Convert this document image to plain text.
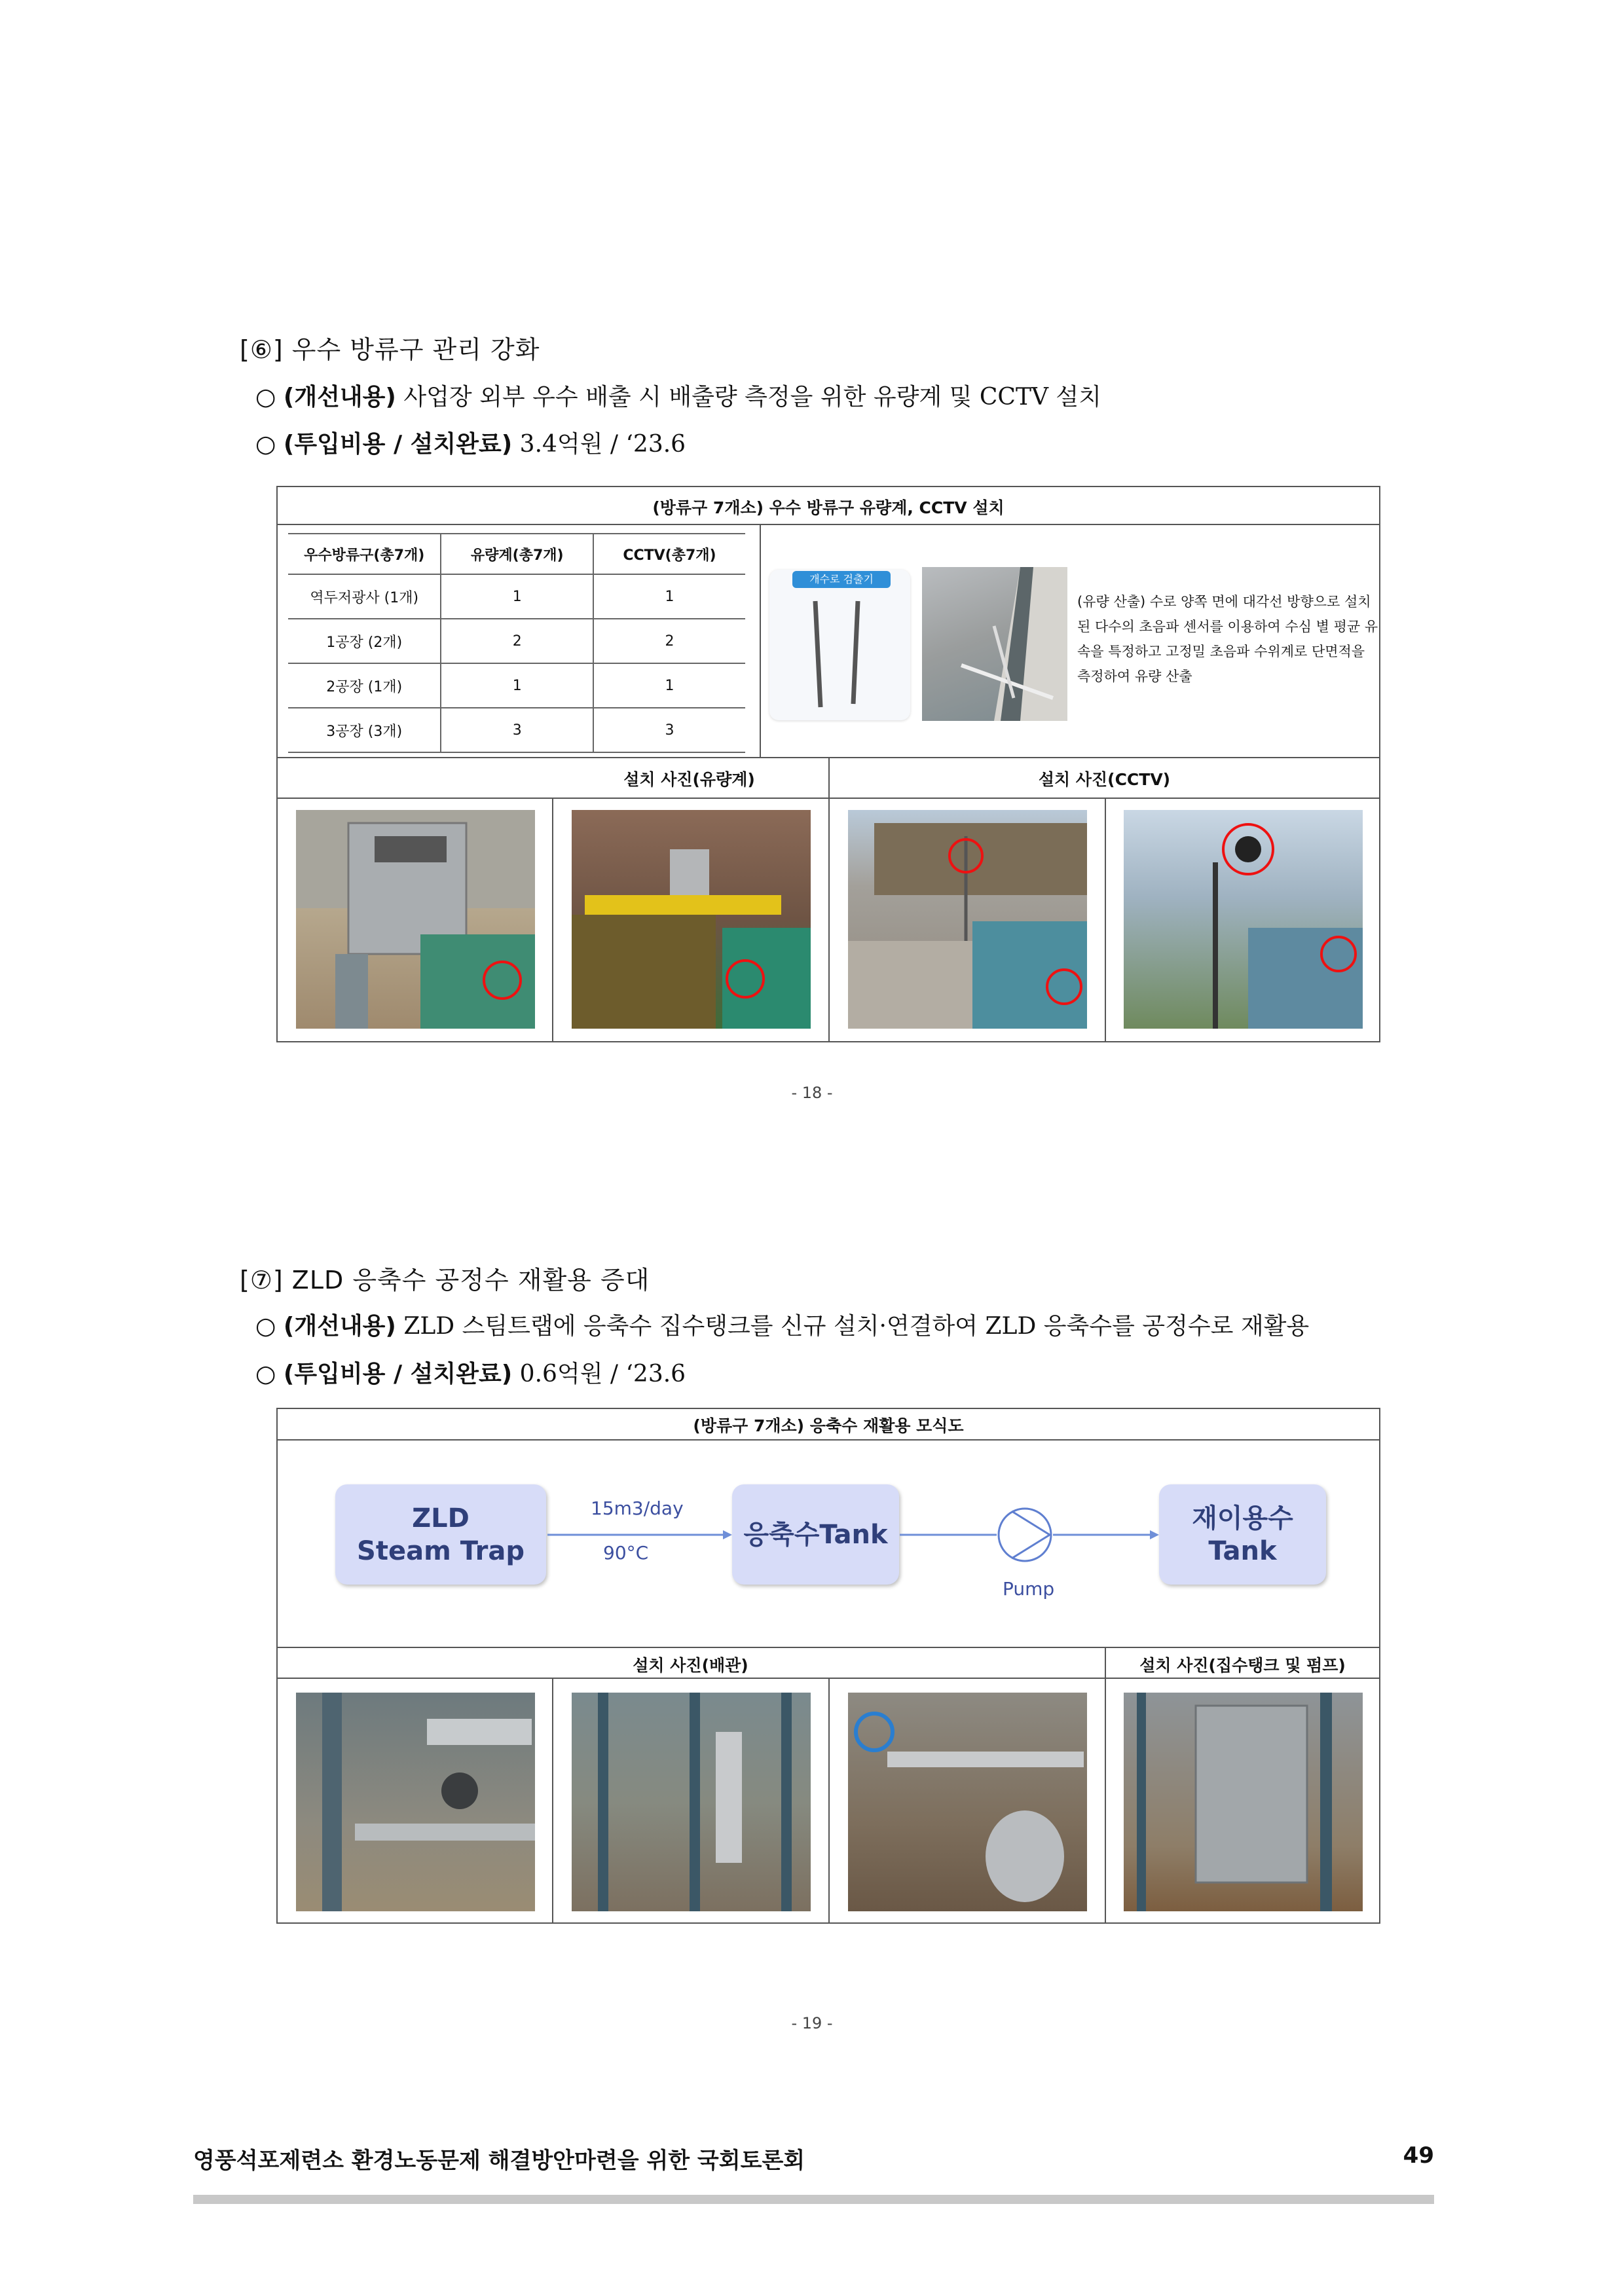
[⑥] 우수 방류구 관리 강화
○ (개선내용) 사업장 외부 우수 배출 시 배출량 측정을 위한 유량계 및 CCTV 설치
○ (투입비용 / 설치완료) 3.4억원 / ‘23.6
(방류구 7개소) 우수 방류구 유량계, CCTV 설치
우수방류구(총7개)	유량계(총7개)	CCTV(총7개)
역두저광사 (1개)	1	1
1공장 (2개)	2	2
2공장 (1개)	1	1
3공장 (3개)	3	3
개수로 검출기
(유량 산출) 수로 양쪽 면에 대각선 방향으로 설치된 다수의 초음파 센서를 이용하여 수심 별 평균 유속을 특정하고 고정밀 초음파 수위계로 단면적을 측정하여 유량 산출
설치 사진(유량계)	설치 사진(CCTV)
- 18 -
[⑦] ZLD 응축수 공정수 재활용 증대
○ (개선내용) ZLD 스팀트랩에 응축수 집수탱크를 신규 설치·연결하여 ZLD 응축수를 공정수로 재활용
○ (투입비용 / 설치완료) 0.6억원 / ‘23.6
(방류구 7개소) 응축수 재활용 모식도
ZLD
Steam Trap
15m3/day
90°C
응축수Tank
재이용수
Tank
Pump
설치 사진(배관)	설치 사진(집수탱크 및 펌프)
- 19 -
영풍석포제련소 환경노동문제 해결방안마련을 위한 국회토론회	49
